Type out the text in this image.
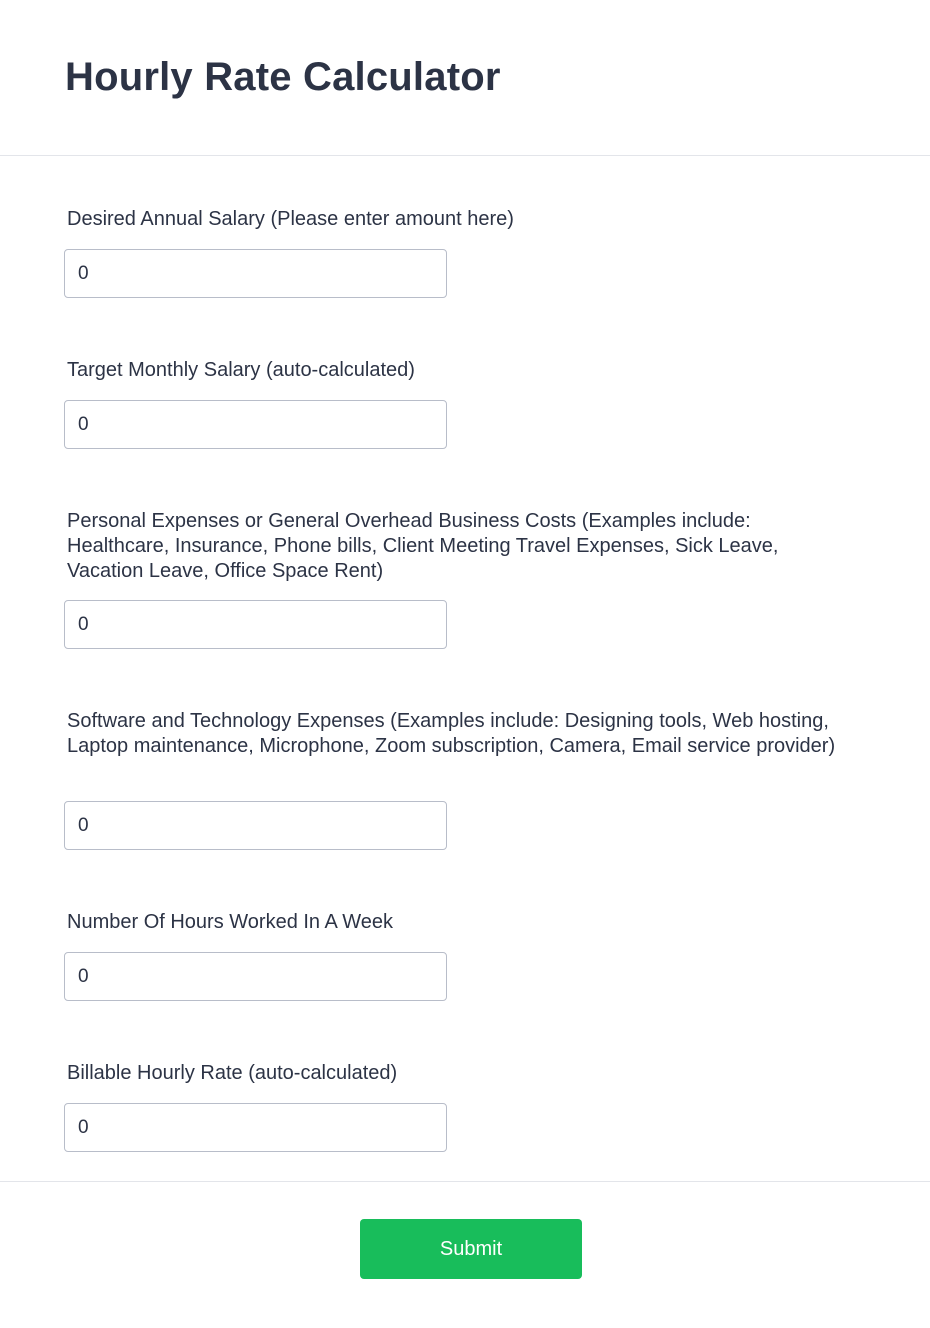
Hourly Rate Calculator
Desired Annual Salary (Please enter amount here)
0
Target Monthly Salary (auto-calculated)
0
Personal Expenses or General Overhead Business Costs (Examples include: Healthcare, Insurance, Phone bills, Client Meeting Travel Expenses, Sick Leave, Vacation Leave, Office Space Rent)
0
Software and Technology Expenses (Examples include: Designing tools, Web hosting, Laptop maintenance, Microphone, Zoom subscription, Camera, Email service provider)
0
Number Of Hours Worked In A Week
0
Billable Hourly Rate (auto-calculated)
0
Submit
